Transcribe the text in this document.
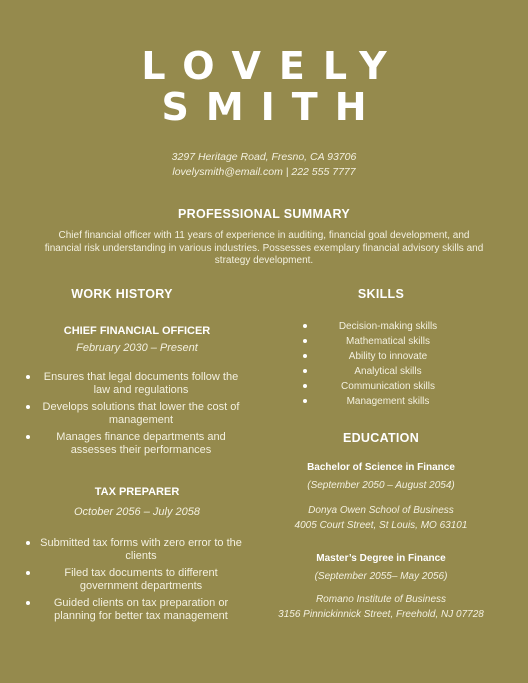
LOVELY
SMITH
3297 Heritage Road, Fresno, CA 93706
lovelysmith@email.com | 222 555 7777
PROFESSIONAL SUMMARY

Chief financial officer with 11 years of experience in auditing, financial goal development, and financial risk understanding in various industries. Possesses exemplary financial advisory skills and strategy development.

WORK HISTORY
CHIEF FINANCIAL OFFICER
February 2030 – Present
Ensures that legal documents follow the law and regulations
Develops solutions that lower the cost of management
Manages finance departments and assesses their performances
TAX PREPARER
October 2056 – July 2058
Submitted tax forms with zero error to the clients
Filed tax documents to different government departments
Guided clients on tax preparation or planning for better tax management
SKILLS
Decision-making skills
Mathematical skills
Ability to innovate
Analytical skills
Communication skills
Management skills
EDUCATION
Bachelor of Science in Finance
(September 2050 – August 2054)
Donya Owen School of Business
4005 Court Street, St Louis, MO 63101
Master’s Degree in Finance
(September 2055– May 2056)
Romano Institute of Business
3156 Pinnickinnick Street, Freehold, NJ 07728
